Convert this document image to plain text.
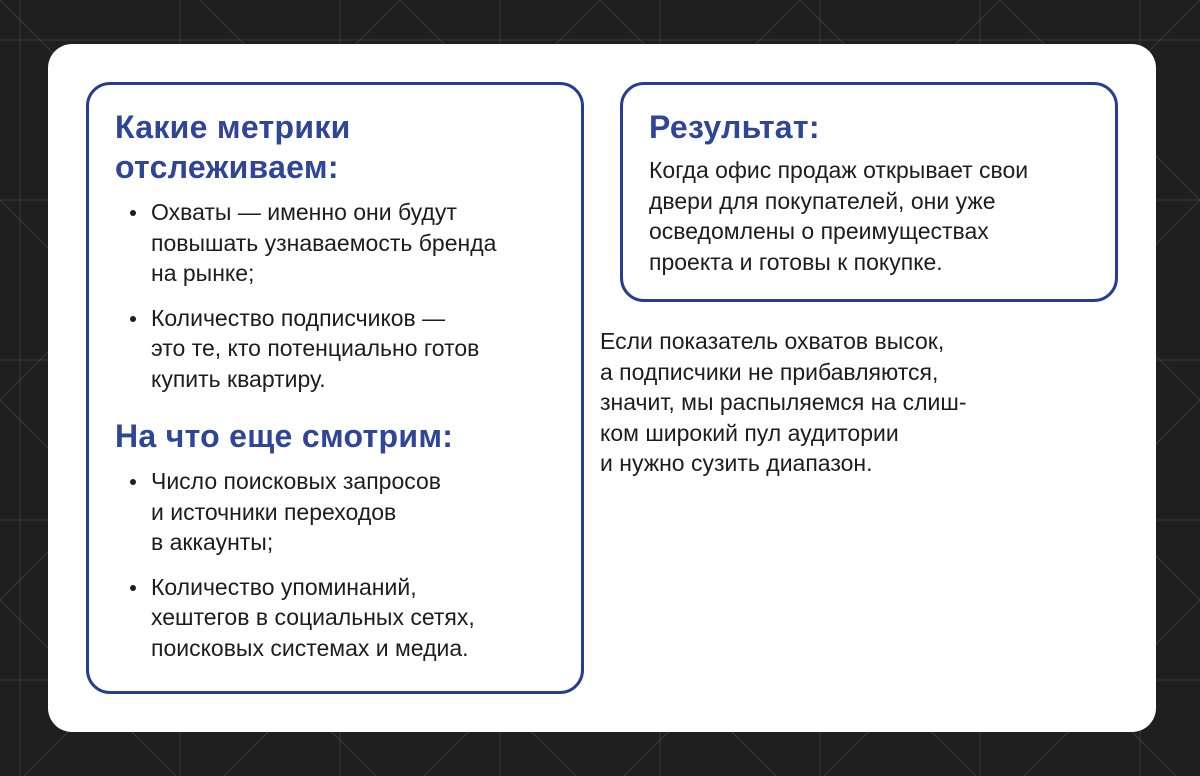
Какие метрики
отслеживаем:
Охваты — именно они будут
повышать узнаваемость бренда
на рынке;
Количество подписчиков —
это те, кто потенциально готов
купить квартиру.
На что еще смотрим:
Число поисковых запросов
и источники переходов
в аккаунты;
Количество упоминаний,
хештегов в социальных сетях,
поисковых системах и медиа.
Результат:

Когда офис продаж открывает свои
двери для покупателей, они уже
осведомлены о преимуществах
проекта и готовы к покупке.

Если показатель охватов высок,
а подписчики не прибавляются,
значит, мы распыляемся на слиш-
ком широкий пул аудитории
и нужно сузить диапазон.
